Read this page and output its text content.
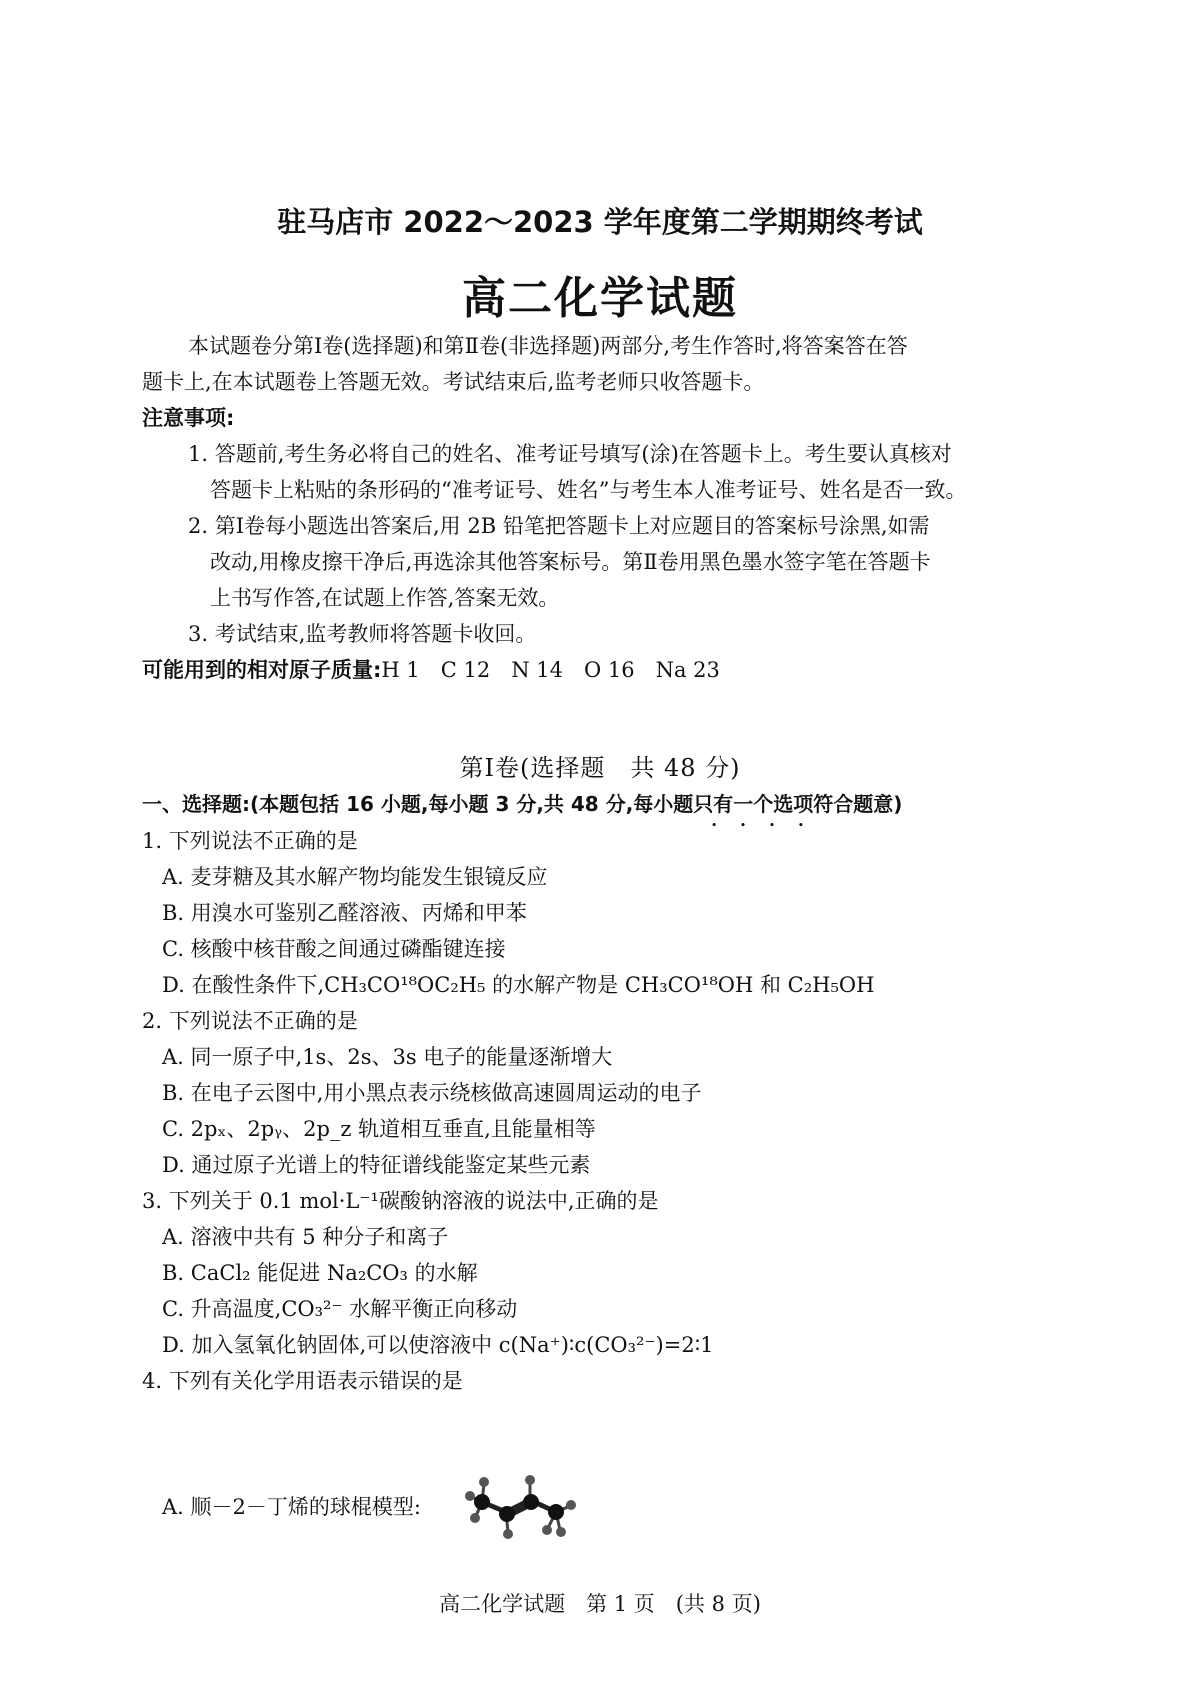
驻马店市 2022～2023 学年度第二学期期终考试
高二化学试题
本试题卷分第Ⅰ卷(选择题)和第Ⅱ卷(非选择题)两部分,考生作答时,将答案答在答
题卡上,在本试题卷上答题无效。考试结束后,监考老师只收答题卡。
注意事项:
1. 答题前,考生务必将自己的姓名、准考证号填写(涂)在答题卡上。考生要认真核对
答题卡上粘贴的条形码的“准考证号、姓名”与考生本人准考证号、姓名是否一致。
2. 第Ⅰ卷每小题选出答案后,用 2B 铅笔把答题卡上对应题目的答案标号涂黑,如需
改动,用橡皮擦干净后,再选涂其他答案标号。第Ⅱ卷用黑色墨水签字笔在答题卡
上书写作答,在试题上作答,答案无效。
3. 考试结束,监考教师将答题卡收回。
可能用到的相对原子质量:H 1　C 12　N 14　O 16　Na 23
第Ⅰ卷(选择题　共 48 分)
一、选择题:(本题包括 16 小题,每小题 3 分,共 48 分,每小题只有一个 • • • •选项符合题意)
1. 下列说法不正确的是
A. 麦芽糖及其水解产物均能发生银镜反应
B. 用溴水可鉴别乙醛溶液、丙烯和甲苯
C. 核酸中核苷酸之间通过磷酯键连接
D. 在酸性条件下,CH₃CO¹⁸OC₂H₅ 的水解产物是 CH₃CO¹⁸OH 和 C₂H₅OH
2. 下列说法不正确的是
A. 同一原子中,1s、2s、3s 电子的能量逐渐增大
B. 在电子云图中,用小黑点表示绕核做高速圆周运动的电子
C. 2pₓ、2pᵧ、2p_z 轨道相互垂直,且能量相等
D. 通过原子光谱上的特征谱线能鉴定某些元素
3. 下列关于 0.1 mol·L⁻¹碳酸钠溶液的说法中,正确的是
A. 溶液中共有 5 种分子和离子
B. CaCl₂ 能促进 Na₂CO₃ 的水解
C. 升高温度,CO₃²⁻ 水解平衡正向移动
D. 加入氢氧化钠固体,可以使溶液中 c(Na⁺)∶c(CO₃²⁻)=2∶1
4. 下列有关化学用语表示错误的是
A. 顺－2－丁烯的球棍模型:
高二化学试题　第 1 页　(共 8 页)
